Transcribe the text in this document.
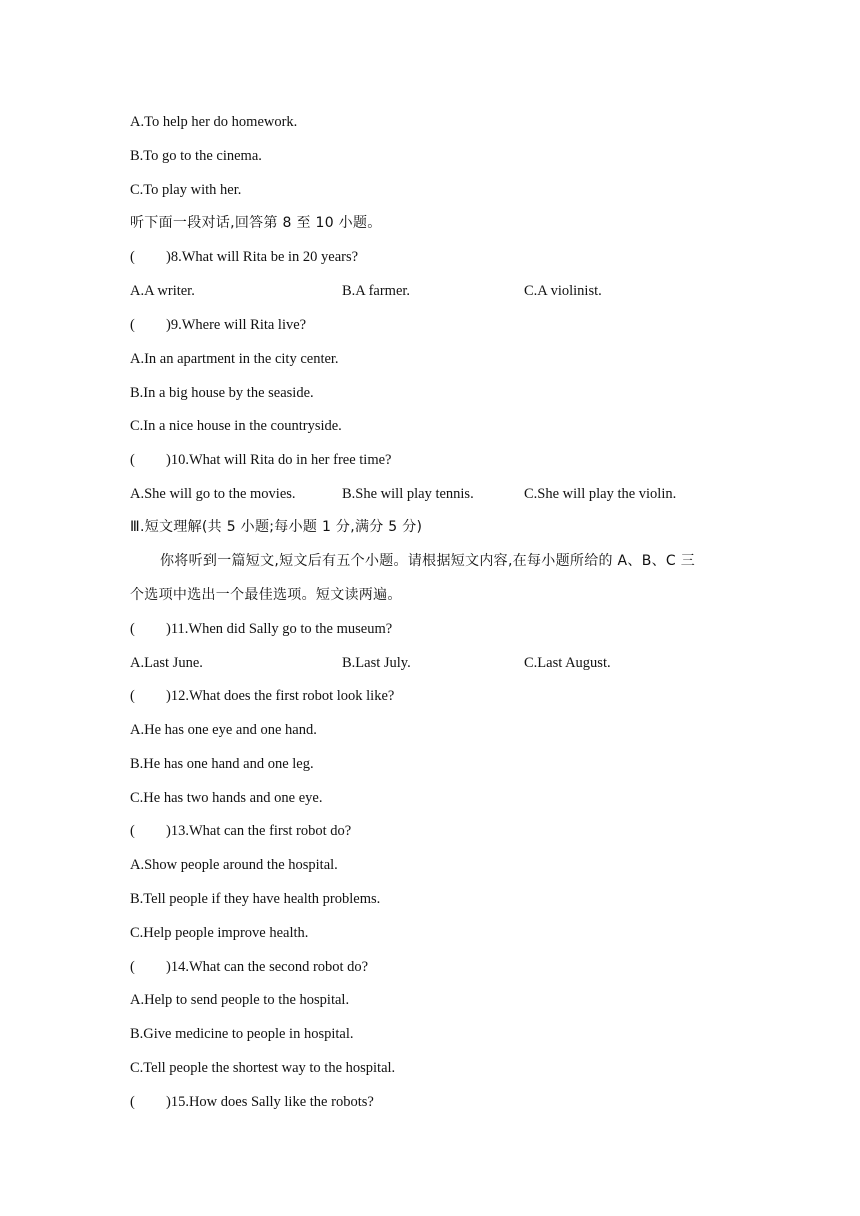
A.To help her do homework.
B.To go to the cinema.
C.To play with her.
听下面一段对话,回答第 8 至 10 小题。
( )8.What will Rita be in 20 years?
A.A writer.	B.A farmer.	C.A violinist.
( )9.Where will Rita live?
A.In an apartment in the city center.
B.In a big house by the seaside.
C.In a nice house in the countryside.
( )10.What will Rita do in her free time?
A.She will go to the movies.	B.She will play tennis.	C.She will play the violin.
Ⅲ.短文理解(共 5 小题;每小题 1 分,满分 5 分)
你将听到一篇短文,短文后有五个小题。请根据短文内容,在每小题所给的 A、B、C 三
个选项中选出一个最佳选项。短文读两遍。
( )11.When did Sally go to the museum?
A.Last June.	B.Last July.	C.Last August.
( )12.What does the first robot look like?
A.He has one eye and one hand.
B.He has one hand and one leg.
C.He has two hands and one eye.
( )13.What can the first robot do?
A.Show people around the hospital.
B.Tell people if they have health problems.
C.Help people improve health.
( )14.What can the second robot do?
A.Help to send people to the hospital.
B.Give medicine to people in hospital.
C.Tell people the shortest way to the hospital.
( )15.How does Sally like the robots?
